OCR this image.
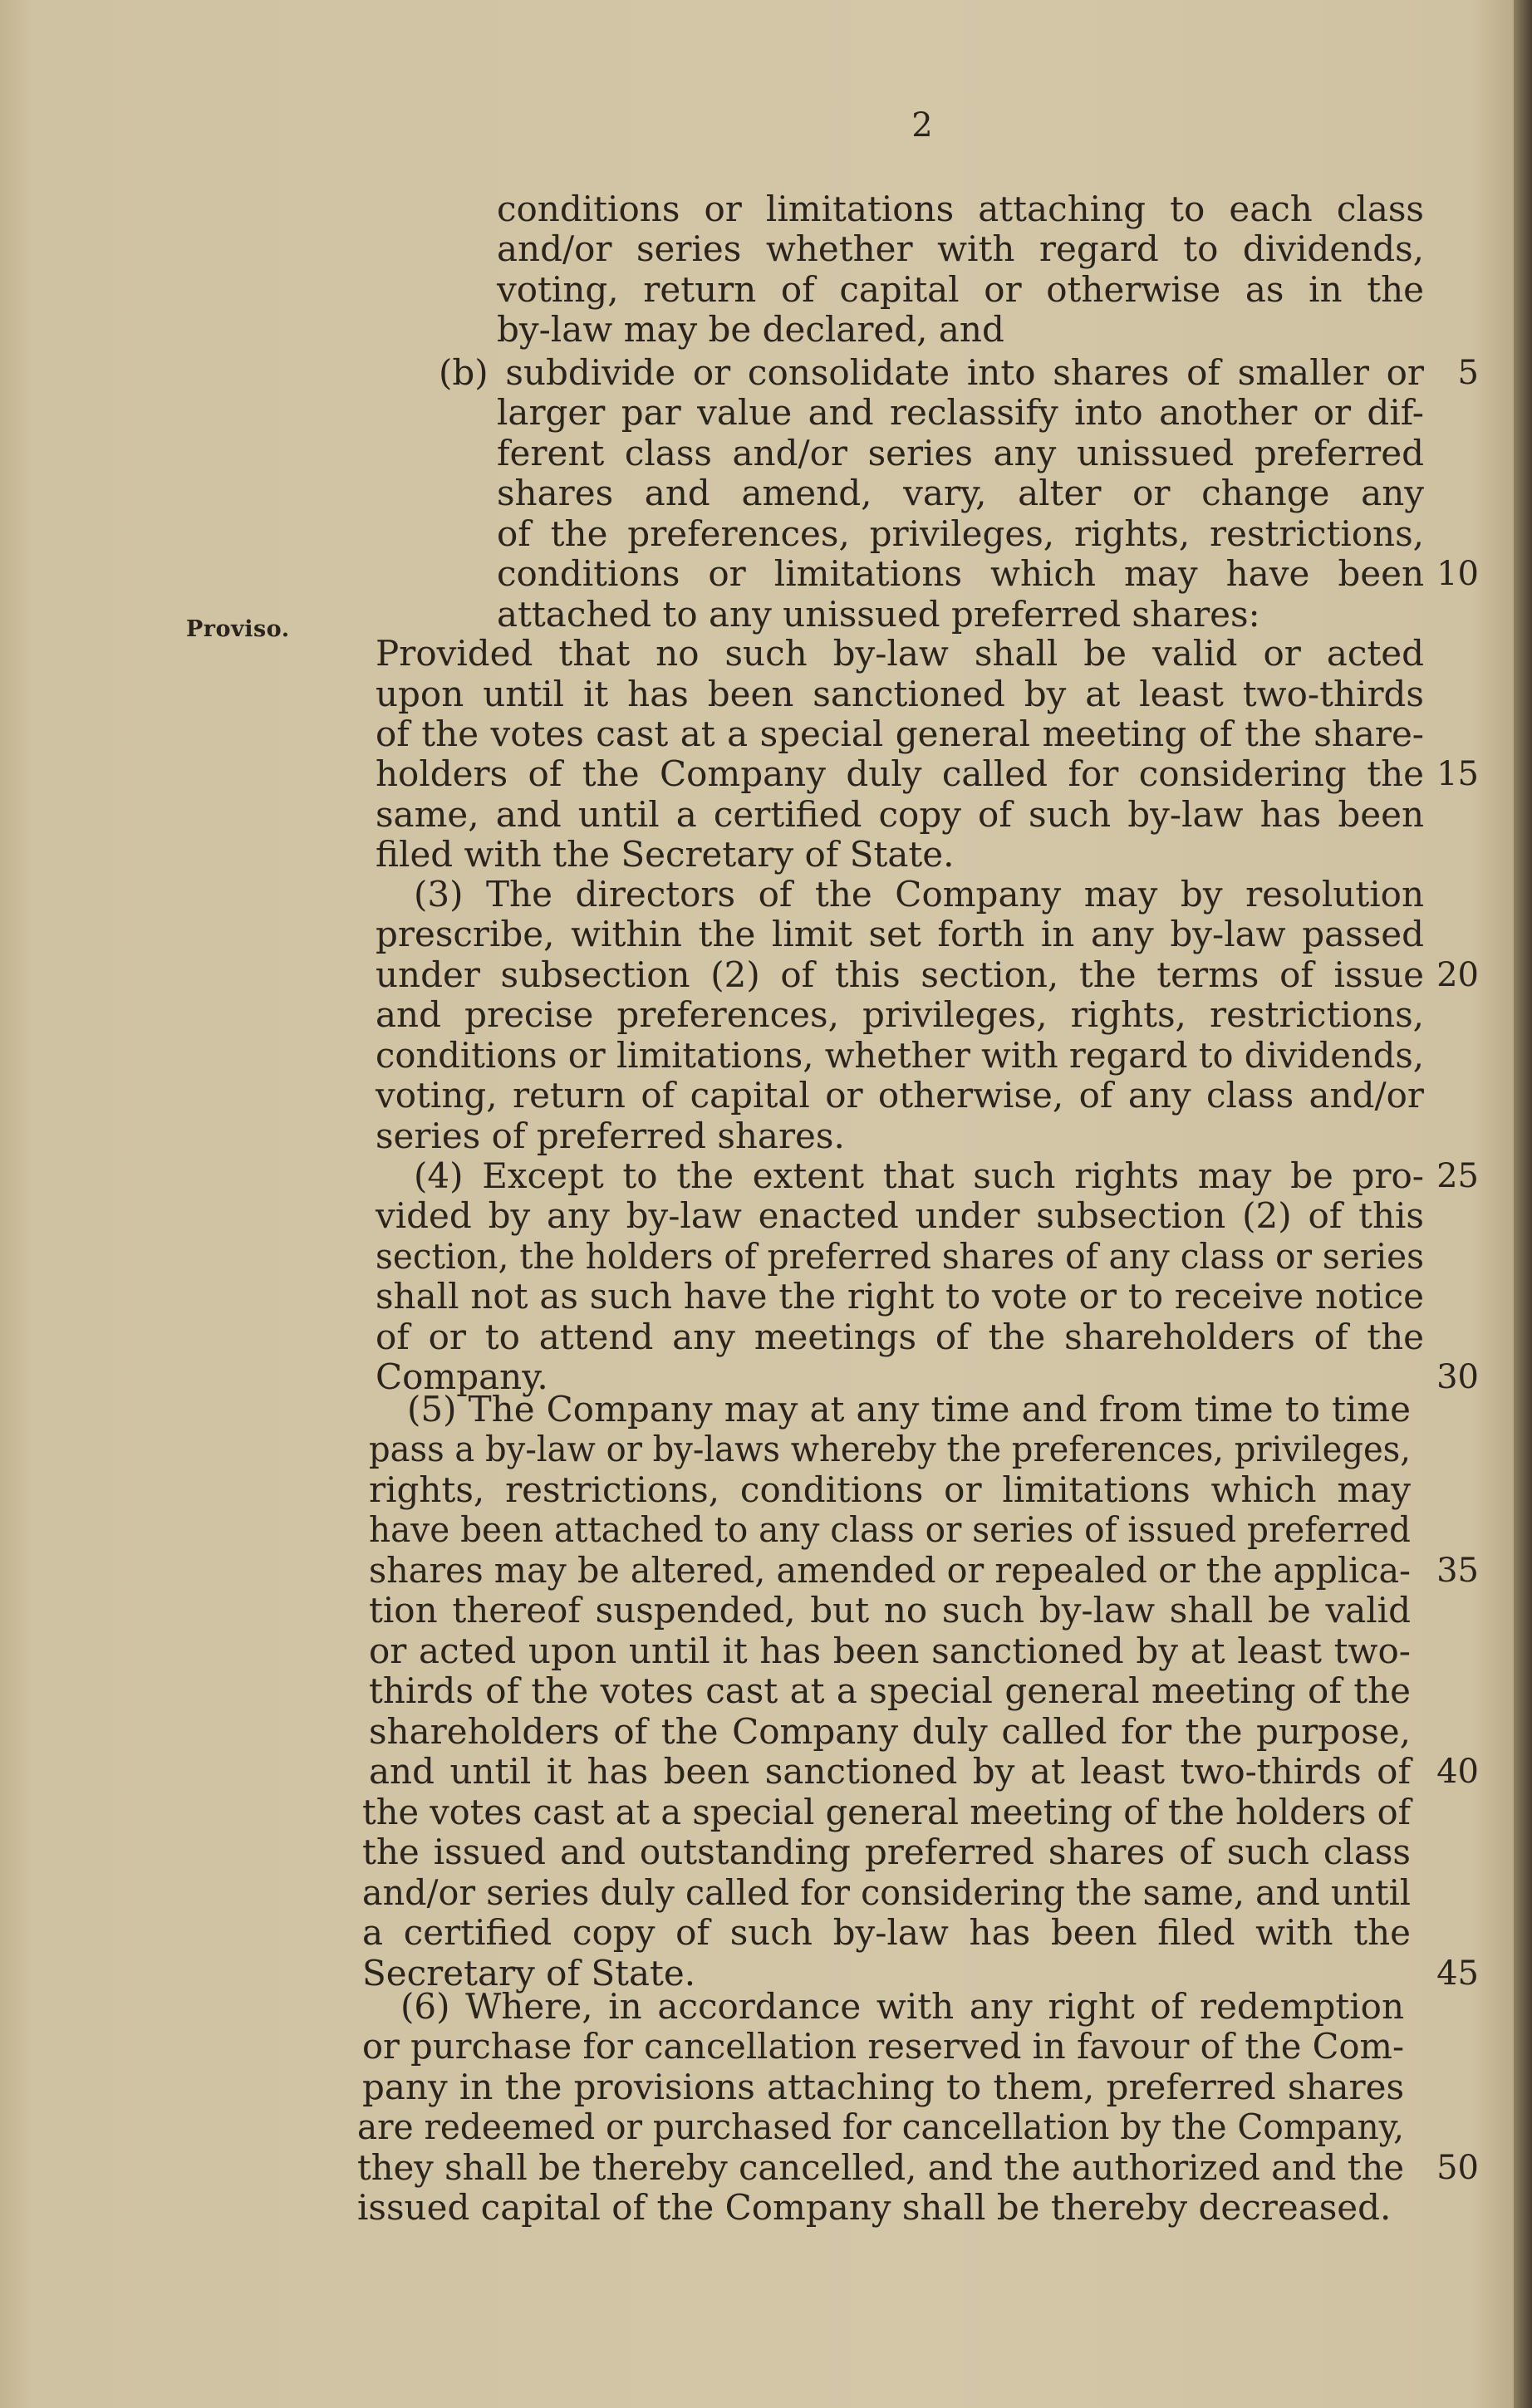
2
Proviso.
conditions or limitations attaching to each class
and/or series whether with regard to dividends,
voting, return of capital or otherwise as in the
by-law may be declared, and
(b) subdivide or consolidate into shares of smaller or
larger par value and reclassify into another or dif-
ferent class and/or series any unissued preferred
shares and amend, vary, alter or change any
of the preferences, privileges, rights, restrictions,
conditions or limitations which may have been
attached to any unissued preferred shares:
Provided that no such by-law shall be valid or acted
upon until it has been sanctioned by at least two-thirds
of the votes cast at a special general meeting of the share-
holders of the Company duly called for considering the
same, and until a certified copy of such by-law has been
filed with the Secretary of State.
(3) The directors of the Company may by resolution
prescribe, within the limit set forth in any by-law passed
under subsection (2) of this section, the terms of issue
and precise preferences, privileges, rights, restrictions,
conditions or limitations, whether with regard to dividends,
voting, return of capital or otherwise, of any class and/or
series of preferred shares.
(4) Except to the extent that such rights may be pro-
vided by any by-law enacted under subsection (2) of this
section, the holders of preferred shares of any class or series
shall not as such have the right to vote or to receive notice
of or to attend any meetings of the shareholders of the
Company.
(5) The Company may at any time and from time to time
pass a by-law or by-laws whereby the preferences, privileges,
rights, restrictions, conditions or limitations which may
have been attached to any class or series of issued preferred
shares may be altered, amended or repealed or the applica-
tion thereof suspended, but no such by-law shall be valid
or acted upon until it has been sanctioned by at least two-
thirds of the votes cast at a special general meeting of the
shareholders of the Company duly called for the purpose,
and until it has been sanctioned by at least two-thirds of
the votes cast at a special general meeting of the holders of
the issued and outstanding preferred shares of such class
and/or series duly called for considering the same, and until
a certified copy of such by-law has been filed with the
Secretary of State.
(6) Where, in accordance with any right of redemption
or purchase for cancellation reserved in favour of the Com-
pany in the provisions attaching to them, preferred shares
are redeemed or purchased for cancellation by the Company,
they shall be thereby cancelled, and the authorized and the
issued capital of the Company shall be thereby decreased.
5
10
15
20
25
30
35
40
45
50
